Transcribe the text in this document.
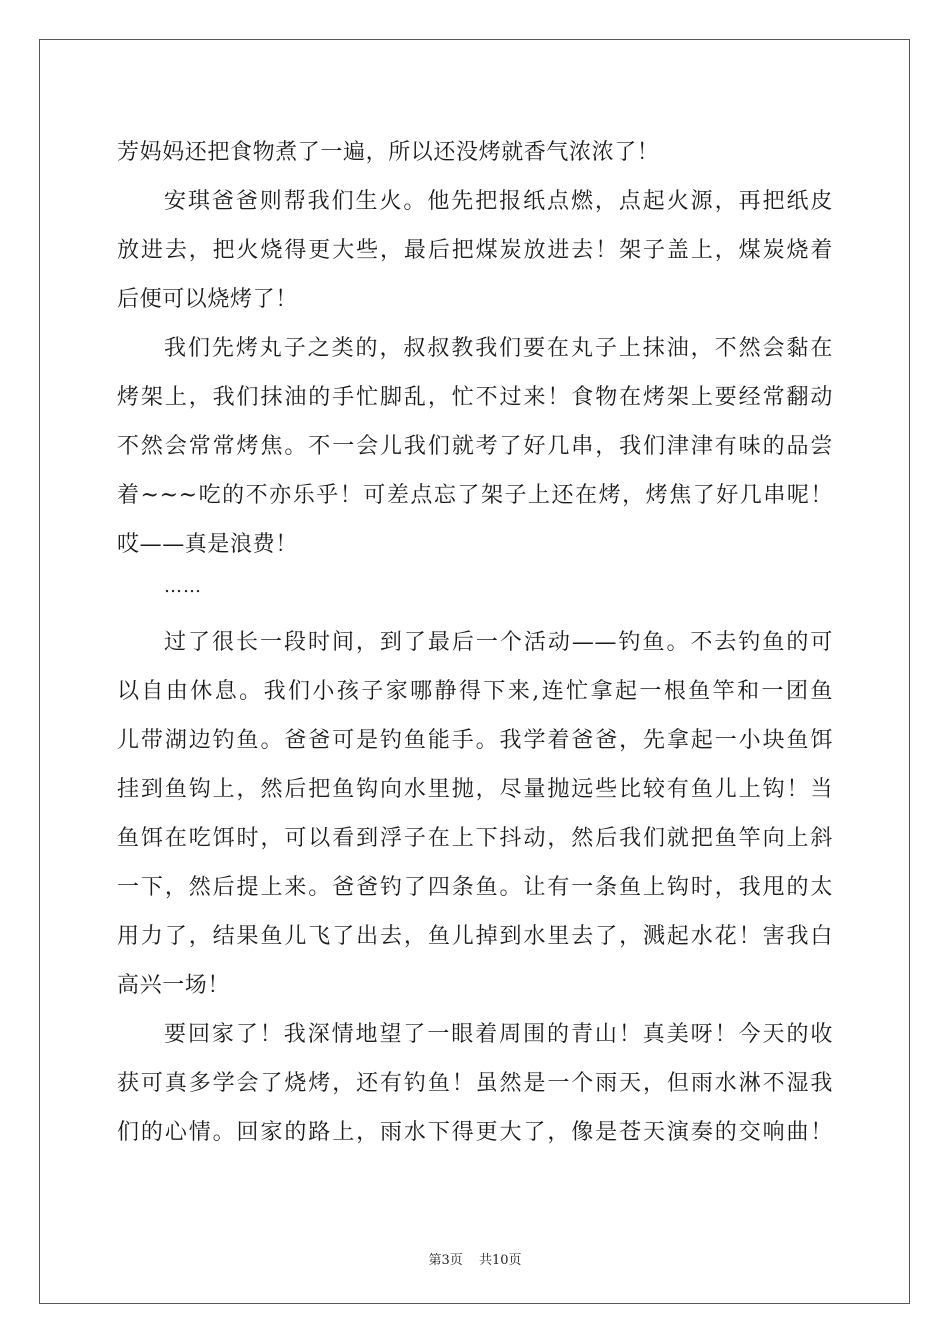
芳妈妈还把食物煮了一遍，所以还没烤就香气浓浓了！
安琪爸爸则帮我们生火。他先把报纸点燃，点起火源，再把纸皮
放进去，把火烧得更大些，最后把煤炭放进去！架子盖上，煤炭烧着
后便可以烧烤了！
我们先烤丸子之类的，叔叔教我们要在丸子上抹油，不然会黏在
烤架上，我们抹油的手忙脚乱，忙不过来！食物在烤架上要经常翻动
不然会常常烤焦。不一会儿我们就考了好几串，我们津津有味的品尝
着~~~吃的不亦乐乎！可差点忘了架子上还在烤，烤焦了好几串呢！
哎——真是浪费！
……
过了很长一段时间，到了最后一个活动——钓鱼。不去钓鱼的可
以自由休息。我们小孩子家哪静得下来,连忙拿起一根鱼竿和一团鱼
儿带湖边钓鱼。爸爸可是钓鱼能手。我学着爸爸，先拿起一小块鱼饵
挂到鱼钩上，然后把鱼钩向水里抛，尽量抛远些比较有鱼儿上钩！当
鱼饵在吃饵时，可以看到浮子在上下抖动，然后我们就把鱼竿向上斜
一下，然后提上来。爸爸钓了四条鱼。让有一条鱼上钩时，我甩的太
用力了，结果鱼儿飞了出去，鱼儿掉到水里去了，溅起水花！害我白
高兴一场！
要回家了！我深情地望了一眼着周围的青山！真美呀！今天的收
获可真多学会了烧烤，还有钓鱼！虽然是一个雨天，但雨水淋不湿我
们的心情。回家的路上，雨水下得更大了，像是苍天演奏的交响曲！
第3页 共10页
